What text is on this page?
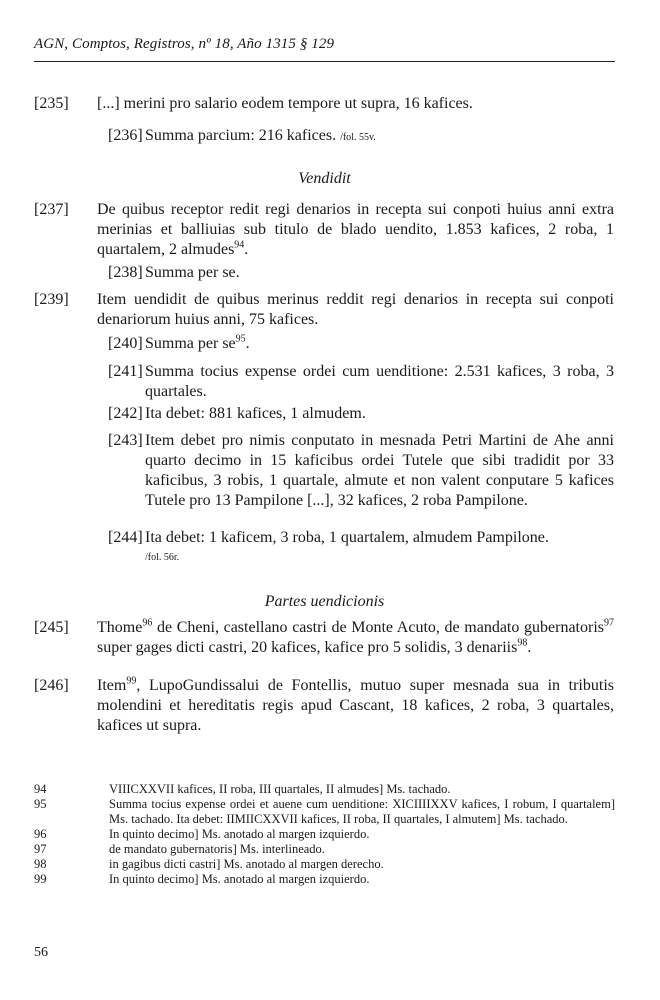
AGN, Comptos, Registros, nº 18, Año 1315 § 129
[235] [...] merini pro salario eodem tempore ut supra, 16 kafices.
[236] Summa parcium: 216 kafices. /fol. 55v.
Vendidit
[237] De quibus receptor redit regi denarios in recepta sui conpoti huius anni extra merinias et balliuias sub titulo de blado uendito, 1.853 kafices, 2 roba, 1 quartalem, 2 almudes$^{94}$.
[238] Summa per se.
[239] Item uendidit de quibus merinus reddit regi denarios in recepta sui conpoti denariorum huius anni, 75 kafices.
[240] Summa per se$^{95}$.
[241] Summa tocius expense ordei cum uenditione: 2.531 kafices, 3 roba, 3 quartales.
[242] Ita debet: 881 kafices, 1 almudem.
[243] Item debet pro nimis conputato in mesnada Petri Martini de Ahe anni quarto decimo in 15 kaficibus ordei Tutele que sibi tradidit por 33 kaficibus, 3 robis, 1 quartale, almute et non valent conputare 5 kafices Tutele pro 13 Pampilone [...], 32 kafices, 2 roba Pampilone.
[244] Ita debet: 1 kaficem, 3 roba, 1 quartalem, almudem Pampilone.
/fol. 56r.
Partes uendicionis
[245] Thome$^{96}$ de Cheni, castellano castri de Monte Acuto, de mandato gubernatoris$^{97}$ super gages dicti castri, 20 kafices, kafice pro 5 solidis, 3 denariis$^{98}$.
[246] Item$^{99}$, LupoGundissalui de Fontellis, mutuo super mesnada sua in tributis molendini et hereditatis regis apud Cascant, 18 kafices, 2 roba, 3 quartales, kafices ut supra.
94	VIIICXXVII kafices, II roba, III quartales, II almudes] Ms. tachado.
95	Summa tocius expense ordei et auene cum uenditione: XICIIIIXXV kafices, I robum, I quartalem] Ms. tachado. Ita debet: IIMIICXXVII kafices, II roba, II quartales, I almutem] Ms. tachado.
96	In quinto decimo] Ms. anotado al margen izquierdo.
97	de mandato gubernatoris] Ms. interlineado.
98	in gagibus dicti castri] Ms. anotado al margen derecho.
99	In quinto decimo] Ms. anotado al margen izquierdo.
56
